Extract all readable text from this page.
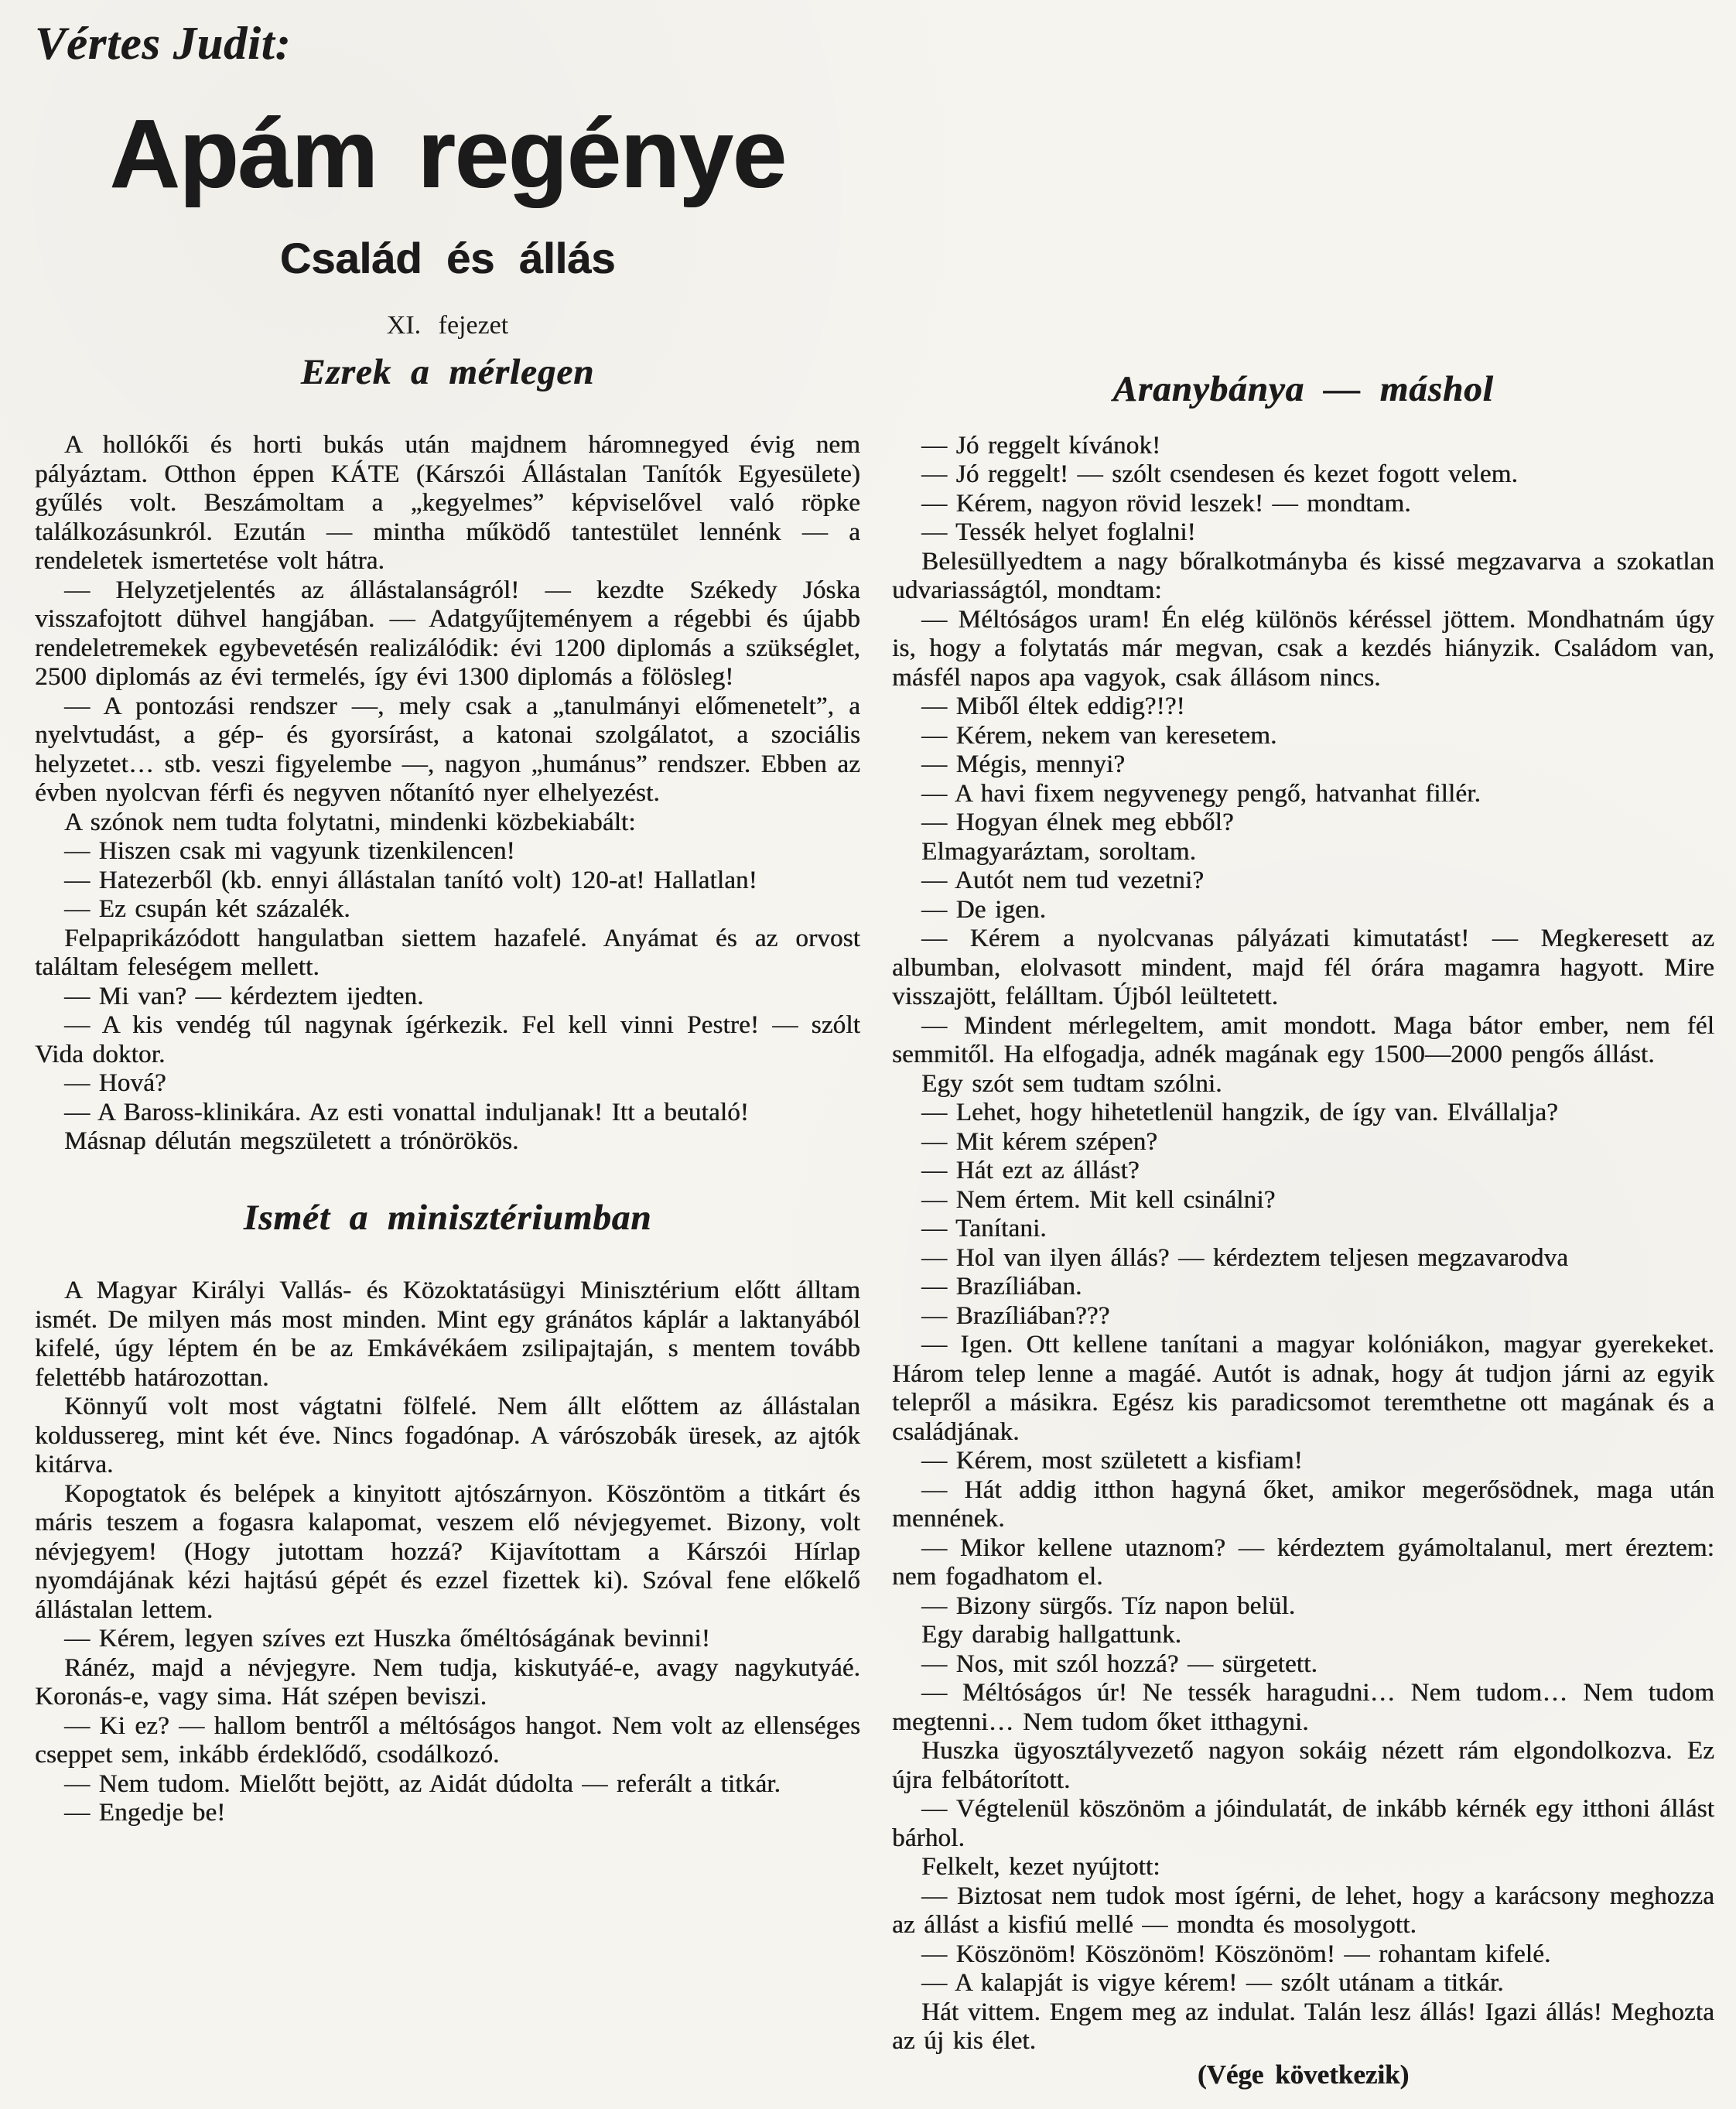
Vértes Judit:
Apám regénye
Család és állás
XI. fejezet
Ezrek a mérlegen

A hollókői és horti bukás után majdnem háromnegyed évig nem pályáztam. Otthon éppen KÁTE (Kárszói Állástalan Tanítók Egyesülete) gyűlés volt. Beszámoltam a „kegyelmes” képviselővel való röpke találkozásunkról. Ezután — mintha működő tantestület lennénk — a rendeletek ismertetése volt hátra.

— Helyzetjelentés az állástalanságról! — kezdte Székedy Jóska visszafojtott dühvel hangjában. — Adatgyűjteményem a régebbi és újabb rendeletremekek egybevetésén realizálódik: évi 1200 diplomás a szükséglet, 2500 diplomás az évi termelés, így évi 1300 diplomás a fölösleg!

— A pontozási rendszer —, mely csak a „tanulmányi előmenetelt”, a nyelvtudást, a gép- és gyorsírást, a katonai szolgálatot, a szociális helyzetet… stb. veszi figyelembe —, nagyon „humánus” rendszer. Ebben az évben nyolcvan férfi és negyven nőtanító nyer elhelyezést.

A szónok nem tudta folytatni, mindenki közbekiabált:

— Hiszen csak mi vagyunk tizenkilencen!

— Hatezerből (kb. ennyi állástalan tanító volt) 120-at! Hallatlan!

— Ez csupán két százalék.

Felpaprikázódott hangulatban siettem hazafelé. Anyámat és az orvost találtam feleségem mellett.

— Mi van? — kérdeztem ijedten.

— A kis vendég túl nagynak ígérkezik. Fel kell vinni Pestre! — szólt Vida doktor.

— Hová?

— A Baross-klinikára. Az esti vonattal induljanak! Itt a beutaló!

Másnap délután megszületett a trónörökös.

Ismét a minisztériumban

A Magyar Királyi Vallás- és Közoktatásügyi Minisztérium előtt álltam ismét. De milyen más most minden. Mint egy gránátos káplár a laktanyából kifelé, úgy léptem én be az Emkávékáem zsilipajtaján, s mentem tovább felettébb határozottan.

Könnyű volt most vágtatni fölfelé. Nem állt előttem az állástalan koldussereg, mint két éve. Nincs fogadónap. A várószobák üresek, az ajtók kitárva.

Kopogtatok és belépek a kinyitott ajtószárnyon. Köszöntöm a titkárt és máris teszem a fogasra kalapomat, veszem elő névjegyemet. Bizony, volt névjegyem! (Hogy jutottam hozzá? Kijavítottam a Kárszói Hírlap nyomdájának kézi hajtású gépét és ezzel fizettek ki). Szóval fene előkelő állástalan lettem.

— Kérem, legyen szíves ezt Huszka őméltóságának bevinni!

Ránéz, majd a névjegyre. Nem tudja, kiskutyáé-e, avagy nagykutyáé. Koronás-e, vagy sima. Hát szépen beviszi.

— Ki ez? — hallom bentről a méltóságos hangot. Nem volt az ellenséges cseppet sem, inkább érdeklődő, csodálkozó.

— Nem tudom. Mielőtt bejött, az Aidát dúdolta — referált a titkár.

— Engedje be!

Aranybánya — máshol

— Jó reggelt kívánok!

— Jó reggelt! — szólt csendesen és kezet fogott velem.

— Kérem, nagyon rövid leszek! — mondtam.

— Tessék helyet foglalni!

Belesüllyedtem a nagy bőralkotmányba és kissé megzavarva a szokatlan udvariasságtól, mondtam:

— Méltóságos uram! Én elég különös kéréssel jöttem. Mondhatnám úgy is, hogy a folytatás már megvan, csak a kezdés hiányzik. Családom van, másfél napos apa vagyok, csak állásom nincs.

— Miből éltek eddig?!?!

— Kérem, nekem van keresetem.

— Mégis, mennyi?

— A havi fixem negyvenegy pengő, hatvanhat fillér.

— Hogyan élnek meg ebből?

Elmagyaráztam, soroltam.

— Autót nem tud vezetni?

— De igen.

— Kérem a nyolcvanas pályázati kimutatást! — Megkeresett az albumban, elolvasott mindent, majd fél órára magamra hagyott. Mire visszajött, felálltam. Újból leültetett.

— Mindent mérlegeltem, amit mondott. Maga bátor ember, nem fél semmitől. Ha elfogadja, adnék magának egy 1500—2000 pengős állást.

Egy szót sem tudtam szólni.

— Lehet, hogy hihetetlenül hangzik, de így van. Elvállalja?

— Mit kérem szépen?

— Hát ezt az állást?

— Nem értem. Mit kell csinálni?

— Tanítani.

— Hol van ilyen állás? — kérdeztem teljesen megzavarodva

— Brazíliában.

— Brazíliában???

— Igen. Ott kellene tanítani a magyar kolóniákon, magyar gyerekeket. Három telep lenne a magáé. Autót is adnak, hogy át tudjon járni az egyik telepről a másikra. Egész kis paradicsomot teremthetne ott magának és a családjának.

— Kérem, most született a kisfiam!

— Hát addig itthon hagyná őket, amikor megerősödnek, maga után mennének.

— Mikor kellene utaznom? — kérdeztem gyámoltalanul, mert éreztem: nem fogadhatom el.

— Bizony sürgős. Tíz napon belül.

Egy darabig hallgattunk.

— Nos, mit szól hozzá? — sürgetett.

— Méltóságos úr! Ne tessék haragudni… Nem tudom… Nem tudom megtenni… Nem tudom őket itthagyni.

Huszka ügyosztályvezető nagyon sokáig nézett rám elgondolkozva. Ez újra felbátorított.

— Végtelenül köszönöm a jóindulatát, de inkább kérnék egy itthoni állást bárhol.

Felkelt, kezet nyújtott:

— Biztosat nem tudok most ígérni, de lehet, hogy a karácsony meghozza az állást a kisfiú mellé — mondta és mosolygott.

— Köszönöm! Köszönöm! Köszönöm! — rohantam kifelé.

— A kalapját is vigye kérem! — szólt utánam a titkár.

Hát vittem. Engem meg az indulat. Talán lesz állás! Igazi állás! Meghozta az új kis élet.

(Vége következik)
